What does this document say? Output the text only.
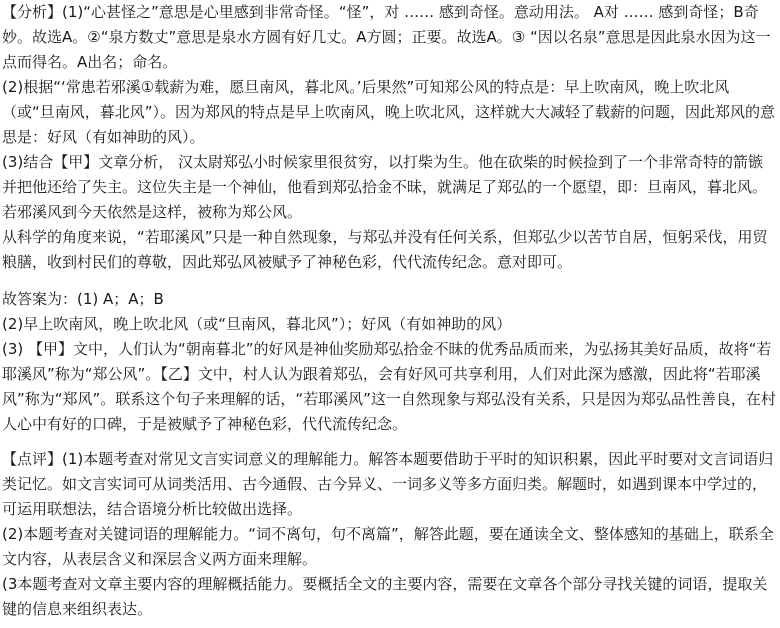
【分析】(1)“心甚怪之”意思是心里感到非常奇怪。“怪”，对 …… 感到奇怪。意动用法。 A对 …… 感到奇怪；B奇妙。故选A。②“泉方数丈”意思是泉水方圆有好几丈。A方圆；正要。故选A。③ “因以名泉”意思是因此泉水因为这一点而得名。A出名；命名。

(2)根据“‘常患若邪溪①载薪为难，愿旦南风，暮北风。’后果然”可知郑公风的特点是：早上吹南风，晚上吹北风（或“旦南风，暮北风”）。因为郑风的特点是早上吹南风，晚上吹北风，这样就大大减轻了载薪的问题，因此郑风的意思是：好风（有如神助的风）。

(3)结合【甲】文章分析， 汉太尉郑弘小时候家里很贫穷，以打柴为生。他在砍柴的时候捡到了一个非常奇特的箭镞并把他还给了失主。这位失主是一个神仙，他看到郑弘拾金不昧，就满足了郑弘的一个愿望，即：旦南风，暮北风。 若邪溪风到今天依然是这样，被称为郑公风。

从科学的角度来说，“若耶溪风”只是一种自然现象，与郑弘并没有任何关系，但郑弘少以苦节自居，恒躬采伐，用贸粮膳，收到村民们的尊敬，因此郑弘风被赋予了神秘色彩，代代流传纪念。意对即可。

故答案为：(1) A；A；B

(2)早上吹南风，晚上吹北风（或“旦南风，暮北风”）；好风（有如神助的风）

(3) 【甲】文中，人们认为“朝南暮北”的好风是神仙奖励郑弘拾金不昧的优秀品质而来，为弘扬其美好品质，故将“若耶溪风”称为“郑公风”。【乙】文中，村人认为跟着郑弘，会有好风可共享利用，人们对此深为感激，因此将“若耶溪风”称为“郑风”。联系这个句子来理解的话，“若耶溪风”这一自然现象与郑弘没有关系，只是因为郑弘品性善良，在村人心中有好的口碑，于是被赋予了神秘色彩，代代流传纪念。

【点评】(1)本题考查对常见文言实词意义的理解能力。解答本题要借助于平时的知识积累，因此平时要对文言词语归类记忆。如文言实词可从词类活用、古今通假、古今异义、一词多义等多方面归类。解题时，如遇到课本中学过的，可运用联想法，结合语境分析比较做出选择。

(2)本题考查对关键词语的理解能力。“词不离句，句不离篇”，解答此题，要在通读全文、整体感知的基础上，联系全文内容，从表层含义和深层含义两方面来理解。

(3本题考查对文章主要内容的理解概括能力。要概括全文的主要内容，需要在文章各个部分寻找关键的词语，提取关键的信息来组织表达。
